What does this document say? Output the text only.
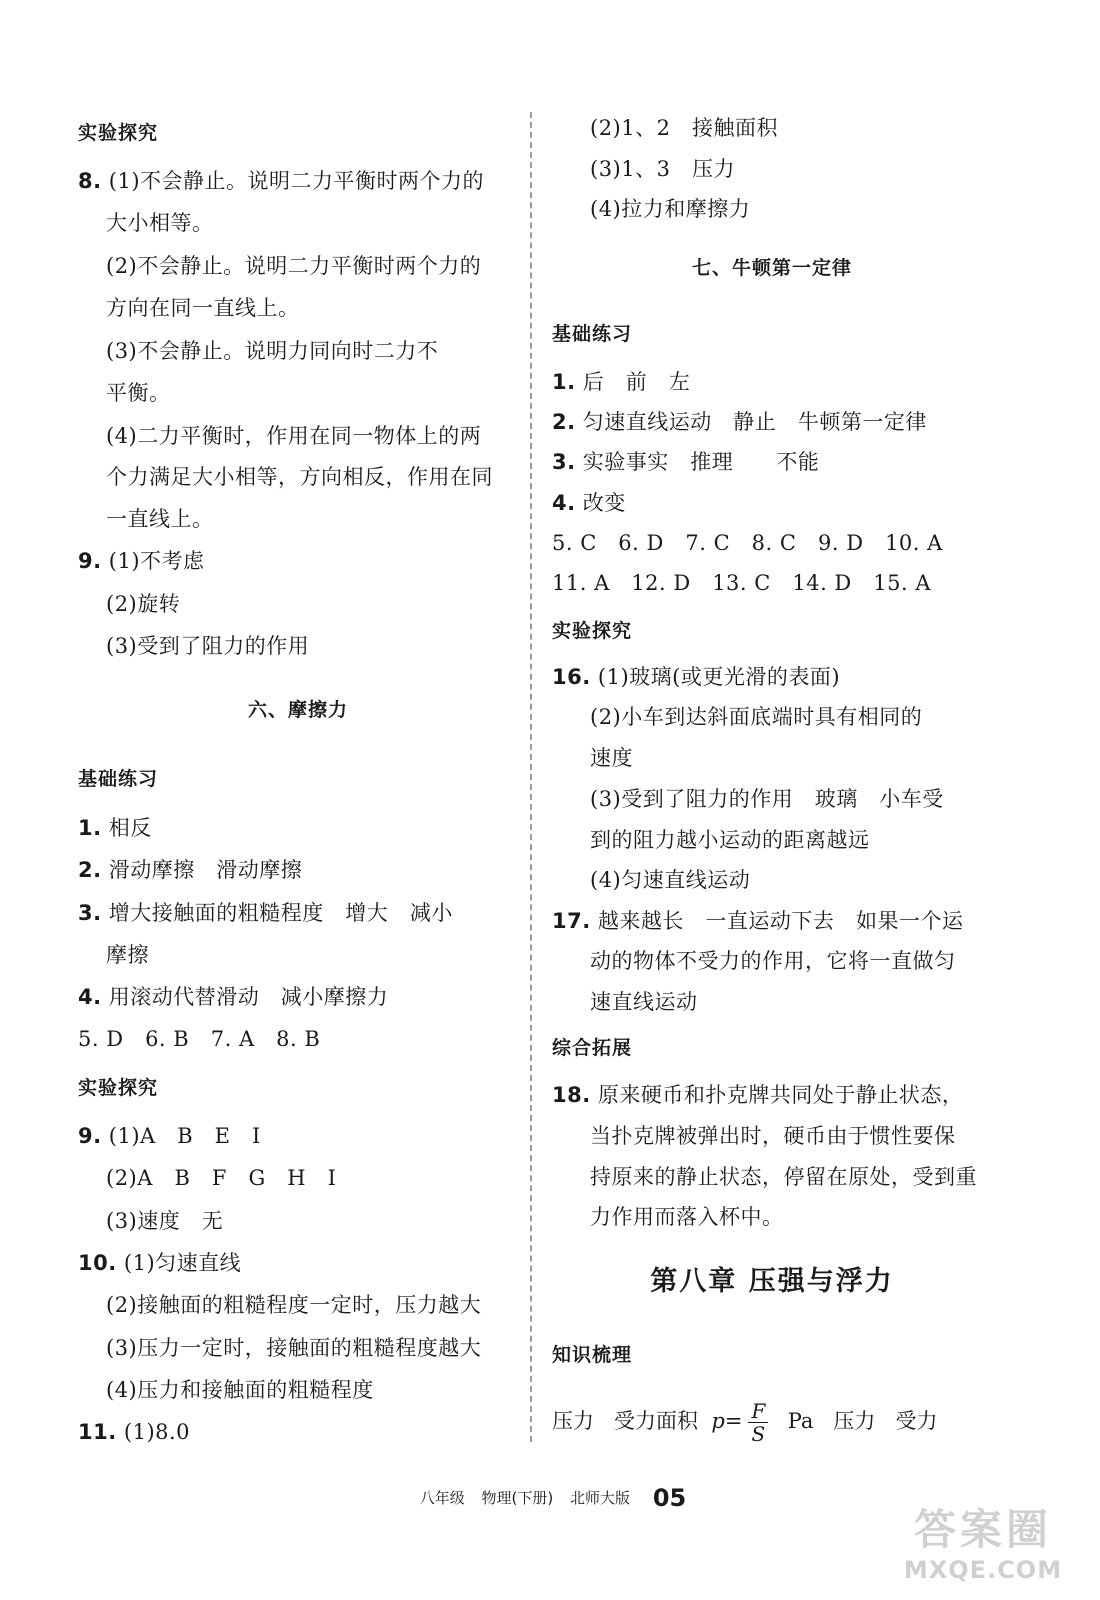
实验探究
8. (1)不会静止。说明二力平衡时两个力的
大小相等。
(2)不会静止。说明二力平衡时两个力的
方向在同一直线上。
(3)不会静止。说明力同向时二力不
平衡。
(4)二力平衡时，作用在同一物体上的两
个力满足大小相等，方向相反，作用在同
一直线上。
9. (1)不考虑
(2)旋转
(3)受到了阻力的作用
六、摩擦力
基础练习
1. 相反
2. 滑动摩擦   滑动摩擦
3. 增大接触面的粗糙程度   增大   减小
摩擦
4. 用滚动代替滑动   减小摩擦力
5. D   6. B   7. A   8. B
实验探究
9. (1)A   B   E   I
(2)A   B   F   G   H   I
(3)速度   无
10. (1)匀速直线
(2)接触面的粗糙程度一定时，压力越大
(3)压力一定时，接触面的粗糙程度越大
(4)压力和接触面的粗糙程度
11. (1)8.0
(2)1、2   接触面积
(3)1、3   压力
(4)拉力和摩擦力
七、牛顿第一定律
基础练习
1. 后   前   左
2. 匀速直线运动   静止   牛顿第一定律
3. 实验事实   推理      不能
4. 改变
5. C   6. D   7. C   8. C   9. D   10. A
11. A   12. D   13. C   14. D   15. A
实验探究
16. (1)玻璃(或更光滑的表面)
(2)小车到达斜面底端时具有相同的
速度
(3)受到了阻力的作用   玻璃   小车受
到的阻力越小运动的距离越远
(4)匀速直线运动
17. 越来越长   一直运动下去   如果一个运
动的物体不受力的作用，它将一直做匀
速直线运动
综合拓展
18. 原来硬币和扑克牌共同处于静止状态，
当扑克牌被弹出时，硬币由于惯性要保
持原来的静止状态，停留在原处，受到重
力作用而落入杯中。
第八章 压强与浮力
知识梳理
压力   受力面积  $p= \frac{F}{S}$ Pa   压力   受力
八年级 物理(下册) 北师大版 05
答案圈
MXQE.COM
